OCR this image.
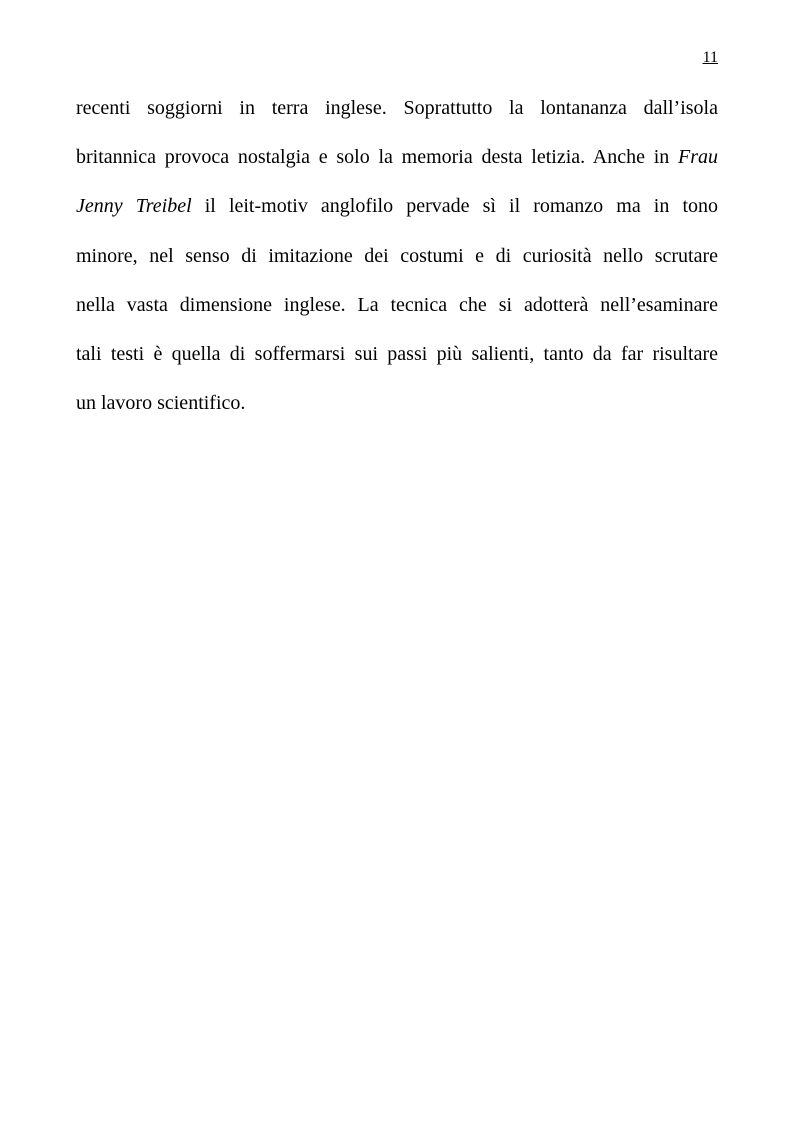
11
recenti soggiorni in terra inglese. Soprattutto la lontananza dall’isola
britannica provoca nostalgia e solo la memoria desta letizia. Anche in Frau
Jenny Treibel il leit-motiv anglofilo pervade sì il romanzo ma in tono
minore, nel senso di imitazione dei costumi e di curiosità nello scrutare
nella vasta dimensione inglese. La tecnica che si adotterà nell’esaminare
tali testi è quella di soffermarsi sui passi più salienti, tanto da far risultare
un lavoro scientifico.
